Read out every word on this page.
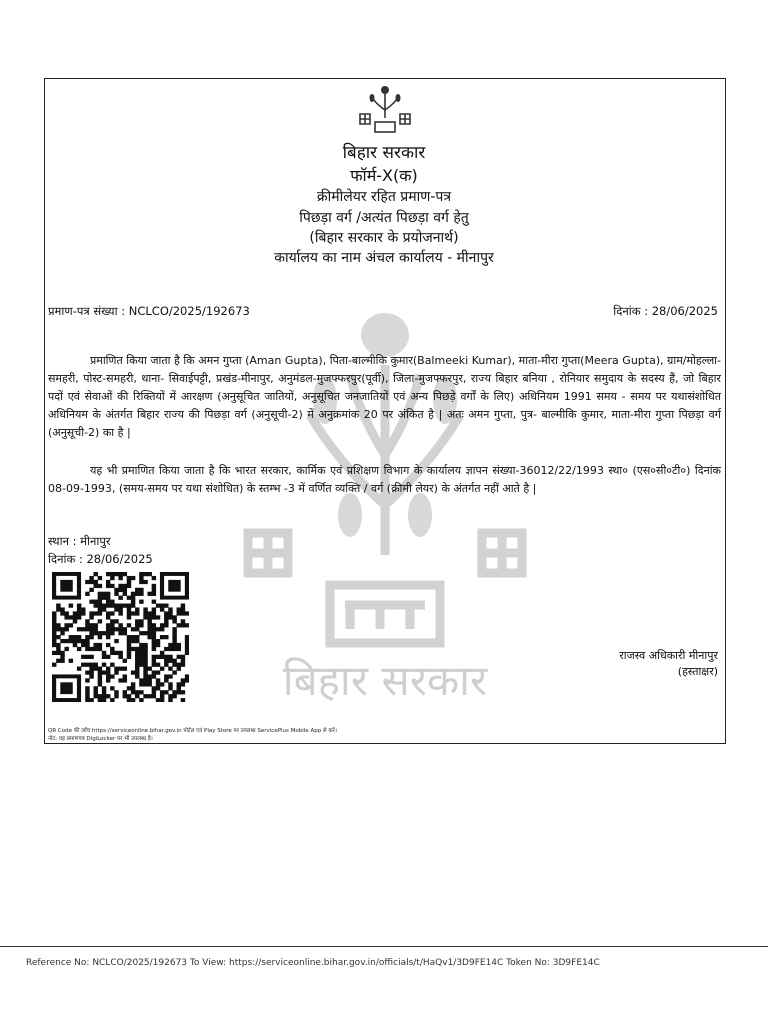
बिहार सरकार
बिहार सरकार
फॉर्म-X(क)
क्रीमीलेयर रहित प्रमाण-पत्र
पिछड़ा वर्ग /अत्यंत पिछड़ा वर्ग हेतु
(बिहार सरकार के प्रयोजनार्थ)
कार्यालय का नाम अंचल कार्यालय - मीनापुर
प्रमाण-पत्र संख्या : NCLCO/2025/192673	दिनांक : 28/06/2025
प्रमाणित किया जाता है कि अमन गुप्ता (Aman Gupta), पिता-बाल्मीकि कुमार(Balmeeki Kumar), माता-मीरा गुप्ता(Meera Gupta), ग्राम/मोहल्ला-समहरी, पोस्ट-समहरी, थाना- सिवाईपट्टी, प्रखंड-मीनापुर, अनुमंडल-मुजफ्फरपुर(पूर्वी), जिला-मुजफ्फरपुर, राज्य बिहार बनिया , रोनियार समुदाय के सदस्य हैं, जो बिहार पदों एवं सेवाओं की रिक्तियों में आरक्षण (अनुसूचित जातियों, अनुसूचित जनजातियों एवं अन्य पिछड़े वर्गों के लिए) अधिनियम 1991 समय - समय पर यथासंशोधित अधिनियम के अंतर्गत बिहार राज्य की पिछड़ा वर्ग (अनुसूची-2) में अनुक्रमांक 20 पर अंकित है | अतः अमन गुप्ता, पुत्र- बाल्मीकि कुमार, माता-मीरा गुप्ता पिछड़ा वर्ग (अनुसूची-2) का है |
यह भी प्रमाणित किया जाता है कि भारत सरकार, कार्मिक एवं प्रशिक्षण विभाग के कार्यालय ज्ञापन संख्या-36012/22/1993 स्था० (एस०सी०टी०) दिनांक 08-09-1993, (समय-समय पर यथा संशोधित) के स्तम्भ -3 में वर्णित व्यक्ति / वर्ग (क्रीमी लेयर) के अंतर्गत नहीं आते है |
स्थान : मीनापुर
दिनांक : 28/06/2025
राजस्व अधिकारी मीनापुर
(हस्ताक्षर)
QR Code की जाँच https://serviceonline.bihar.gov.in पोर्टल एवं Play Store पर उपलब्ध ServicePlus Mobile App से करें।
नोट: यह प्रमाणपत्र DigiLocker पर भी उपलब्ध है।
Reference No: NCLCO/2025/192673 To View: https://serviceonline.bihar.gov.in/officials/t/HaQv1/3D9FE14C Token No: 3D9FE14C
